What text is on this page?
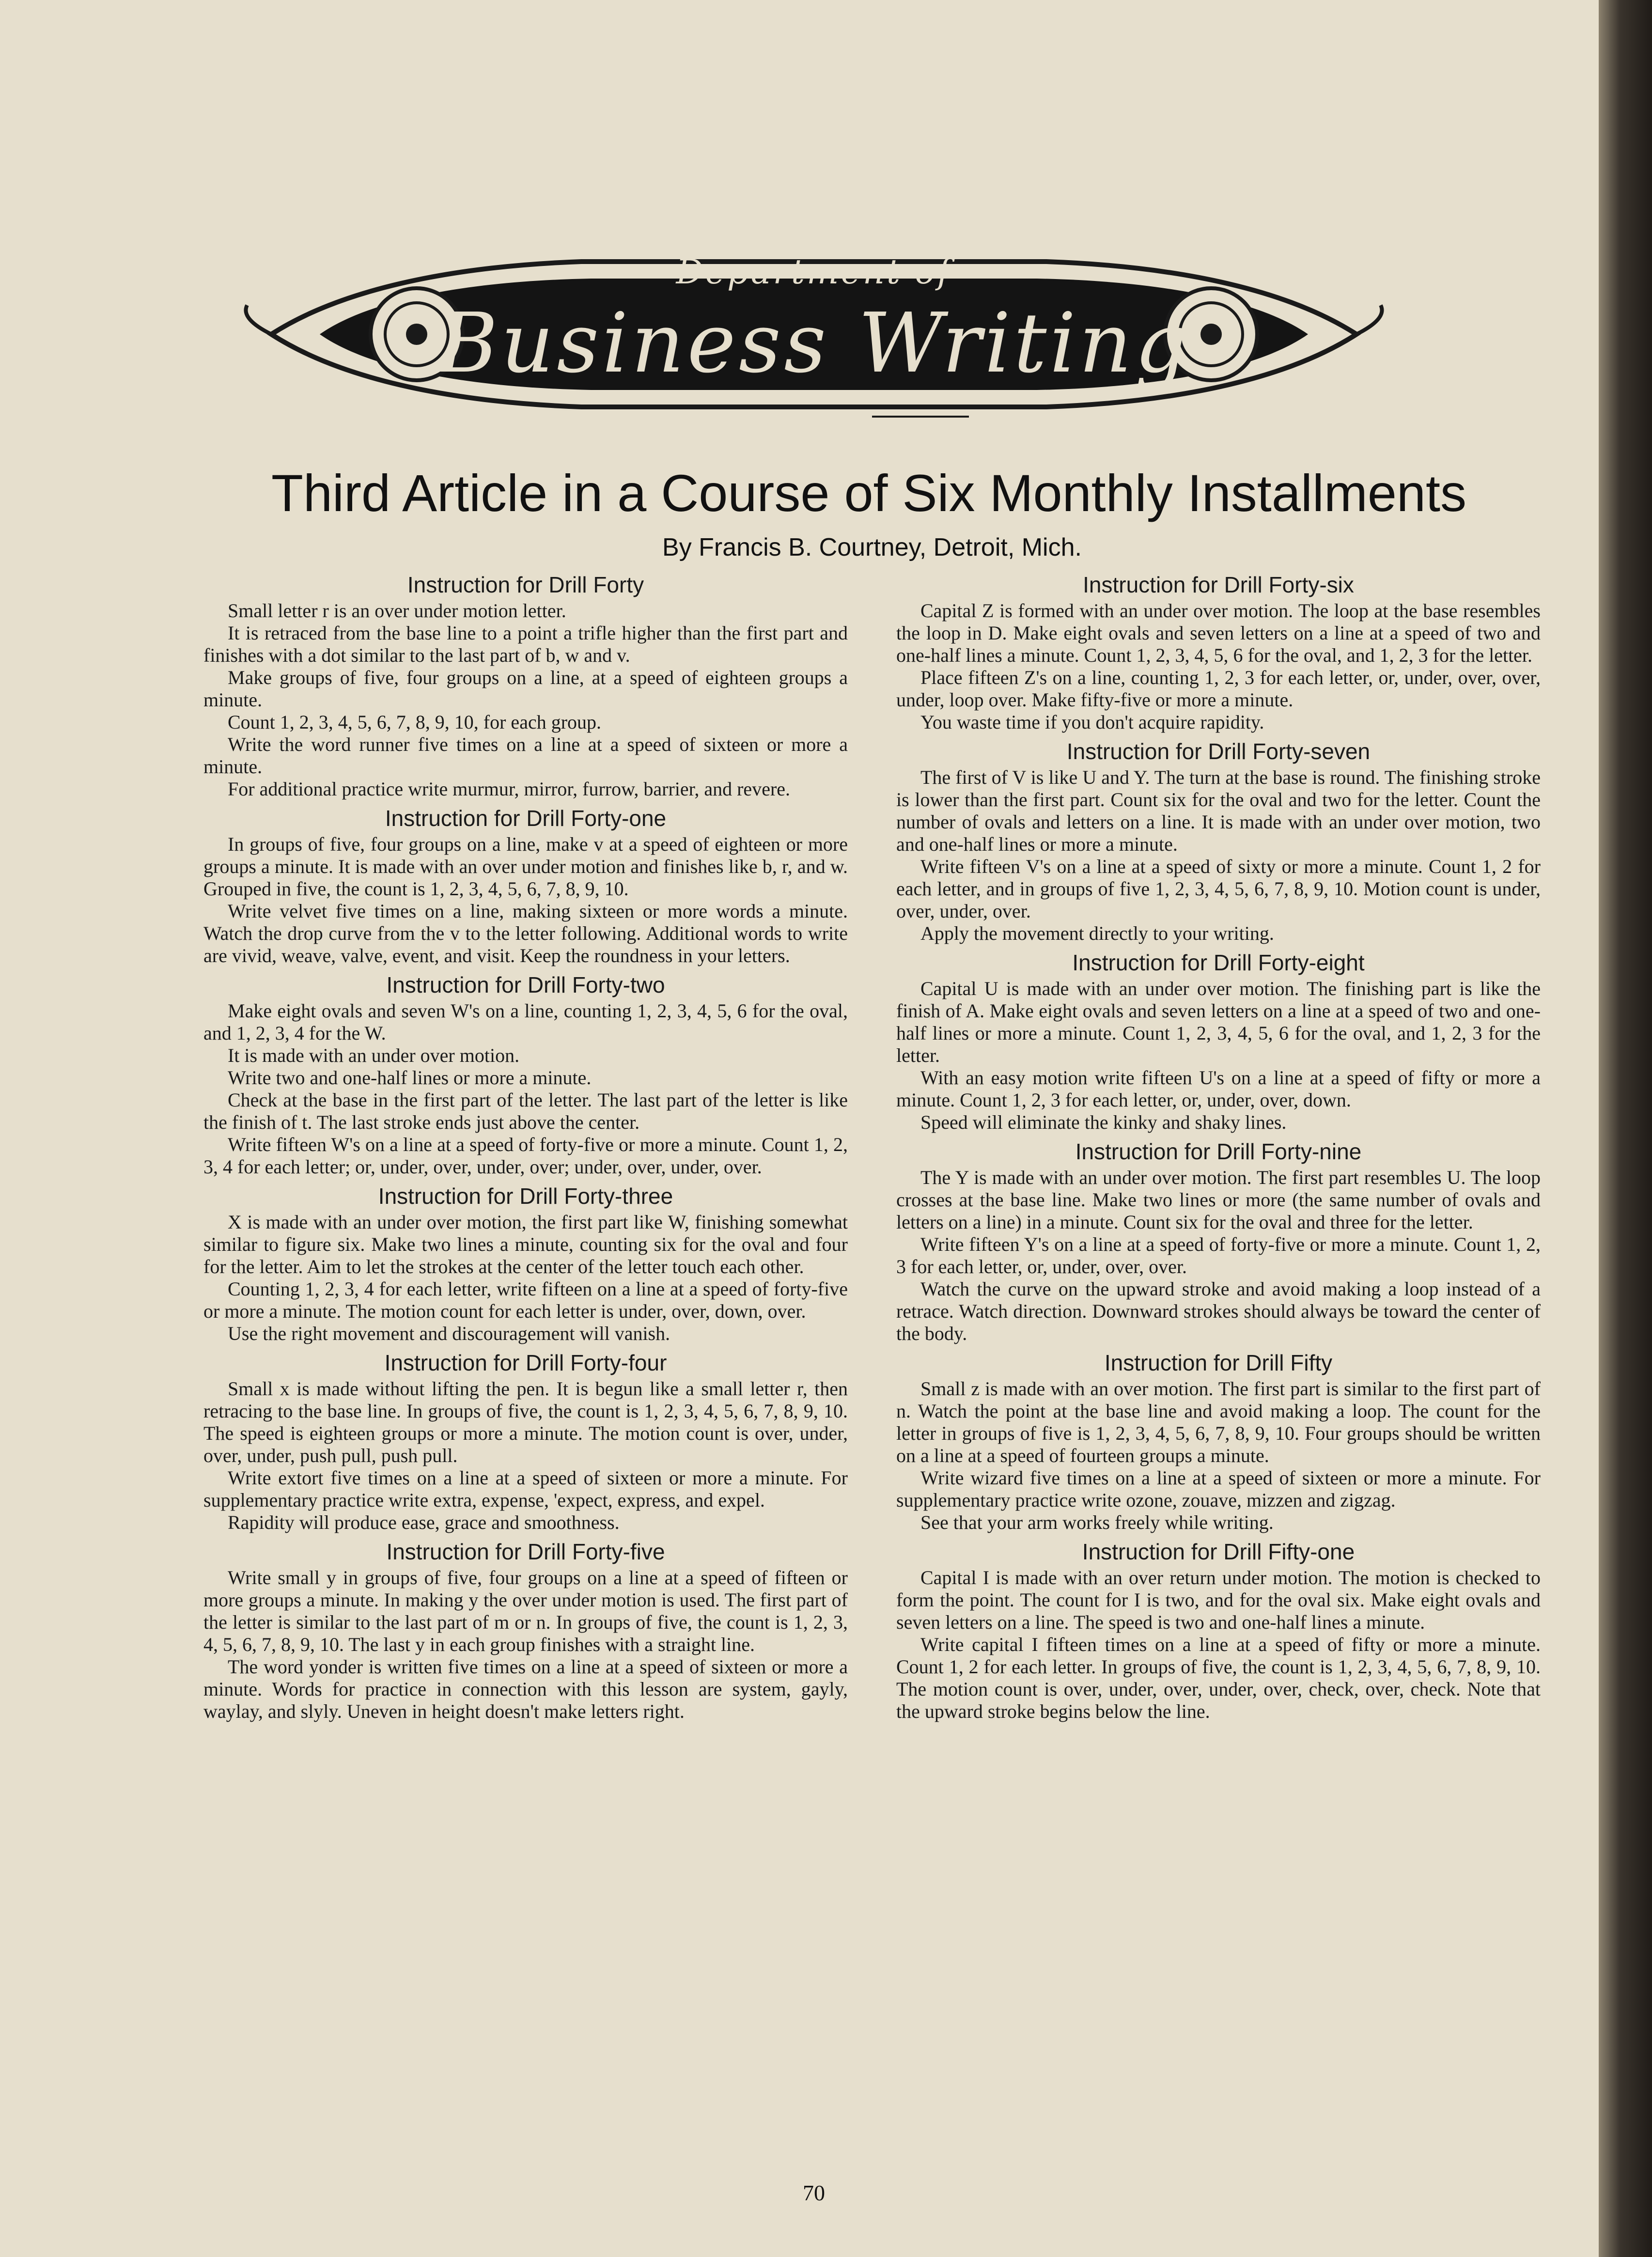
Department of
Business Writing
Third Article in a Course of Six Monthly Installments

By Francis B. Courtney, Detroit, Mich.

Instruction for Drill Forty

Small letter r is an over under motion letter.

It is retraced from the base line to a point a trifle higher than the first part and finishes with a dot similar to the last part of b, w and v.

Make groups of five, four groups on a line, at a speed of eighteen groups a minute.

Count 1, 2, 3, 4, 5, 6, 7, 8, 9, 10, for each group.

Write the word runner five times on a line at a speed of sixteen or more a minute.

For additional practice write murmur, mirror, furrow, barrier, and revere.

Instruction for Drill Forty-one

In groups of five, four groups on a line, make v at a speed of eighteen or more groups a minute. It is made with an over under motion and finishes like b, r, and w. Grouped in five, the count is 1, 2, 3, 4, 5, 6, 7, 8, 9, 10.

Write velvet five times on a line, making sixteen or more words a minute. Watch the drop curve from the v to the letter following. Additional words to write are vivid, weave, valve, event, and visit. Keep the roundness in your letters.

Instruction for Drill Forty-two

Make eight ovals and seven W's on a line, counting 1, 2, 3, 4, 5, 6 for the oval, and 1, 2, 3, 4 for the W.

It is made with an under over motion.

Write two and one-half lines or more a minute.

Check at the base in the first part of the letter. The last part of the letter is like the finish of t. The last stroke ends just above the center.

Write fifteen W's on a line at a speed of forty-five or more a minute. Count 1, 2, 3, 4 for each letter; or, under, over, under, over; under, over, under, over.

Instruction for Drill Forty-three

X is made with an under over motion, the first part like W, finishing somewhat similar to figure six. Make two lines a minute, counting six for the oval and four for the letter. Aim to let the strokes at the center of the letter touch each other.

Counting 1, 2, 3, 4 for each letter, write fifteen on a line at a speed of forty-five or more a minute. The motion count for each letter is under, over, down, over.

Use the right movement and discouragement will vanish.

Instruction for Drill Forty-four

Small x is made without lifting the pen. It is begun like a small letter r, then retracing to the base line. In groups of five, the count is 1, 2, 3, 4, 5, 6, 7, 8, 9, 10. The speed is eighteen groups or more a minute. The motion count is over, under, over, under, push pull, push pull.

Write extort five times on a line at a speed of sixteen or more a minute. For supplementary practice write extra, expense, 'expect, express, and expel.

Rapidity will produce ease, grace and smoothness.

Instruction for Drill Forty-five

Write small y in groups of five, four groups on a line at a speed of fifteen or more groups a minute. In making y the over under motion is used. The first part of the letter is similar to the last part of m or n. In groups of five, the count is 1, 2, 3, 4, 5, 6, 7, 8, 9, 10. The last y in each group finishes with a straight line.

The word yonder is written five times on a line at a speed of sixteen or more a minute. Words for practice in connection with this lesson are system, gayly, waylay, and slyly. Uneven in height doesn't make letters right.

Instruction for Drill Forty-six

Capital Z is formed with an under over motion. The loop at the base resembles the loop in D. Make eight ovals and seven letters on a line at a speed of two and one-half lines a minute. Count 1, 2, 3, 4, 5, 6 for the oval, and 1, 2, 3 for the letter.

Place fifteen Z's on a line, counting 1, 2, 3 for each letter, or, under, over, over, under, loop over. Make fifty-five or more a minute.

You waste time if you don't acquire rapidity.

Instruction for Drill Forty-seven

The first of V is like U and Y. The turn at the base is round. The finishing stroke is lower than the first part. Count six for the oval and two for the letter. Count the number of ovals and letters on a line. It is made with an under over motion, two and one-half lines or more a minute.

Write fifteen V's on a line at a speed of sixty or more a minute. Count 1, 2 for each letter, and in groups of five 1, 2, 3, 4, 5, 6, 7, 8, 9, 10. Motion count is under, over, under, over.

Apply the movement directly to your writing.

Instruction for Drill Forty-eight

Capital U is made with an under over motion. The finishing part is like the finish of A. Make eight ovals and seven letters on a line at a speed of two and one-half lines or more a minute. Count 1, 2, 3, 4, 5, 6 for the oval, and 1, 2, 3 for the letter.

With an easy motion write fifteen U's on a line at a speed of fifty or more a minute. Count 1, 2, 3 for each letter, or, under, over, down.

Speed will eliminate the kinky and shaky lines.

Instruction for Drill Forty-nine

The Y is made with an under over motion. The first part resembles U. The loop crosses at the base line. Make two lines or more (the same number of ovals and letters on a line) in a minute. Count six for the oval and three for the letter.

Write fifteen Y's on a line at a speed of forty-five or more a minute. Count 1, 2, 3 for each letter, or, under, over, over.

Watch the curve on the upward stroke and avoid making a loop instead of a retrace. Watch direction. Downward strokes should always be toward the center of the body.

Instruction for Drill Fifty

Small z is made with an over motion. The first part is similar to the first part of n. Watch the point at the base line and avoid making a loop. The count for the letter in groups of five is 1, 2, 3, 4, 5, 6, 7, 8, 9, 10. Four groups should be written on a line at a speed of fourteen groups a minute.

Write wizard five times on a line at a speed of sixteen or more a minute. For supplementary practice write ozone, zouave, mizzen and zigzag.

See that your arm works freely while writing.

Instruction for Drill Fifty-one

Capital I is made with an over return under motion. The motion is checked to form the point. The count for I is two, and for the oval six. Make eight ovals and seven letters on a line. The speed is two and one-half lines a minute.

Write capital I fifteen times on a line at a speed of fifty or more a minute. Count 1, 2 for each letter. In groups of five, the count is 1, 2, 3, 4, 5, 6, 7, 8, 9, 10. The motion count is over, under, over, under, over, check, over, check. Note that the upward stroke begins below the line.

70
